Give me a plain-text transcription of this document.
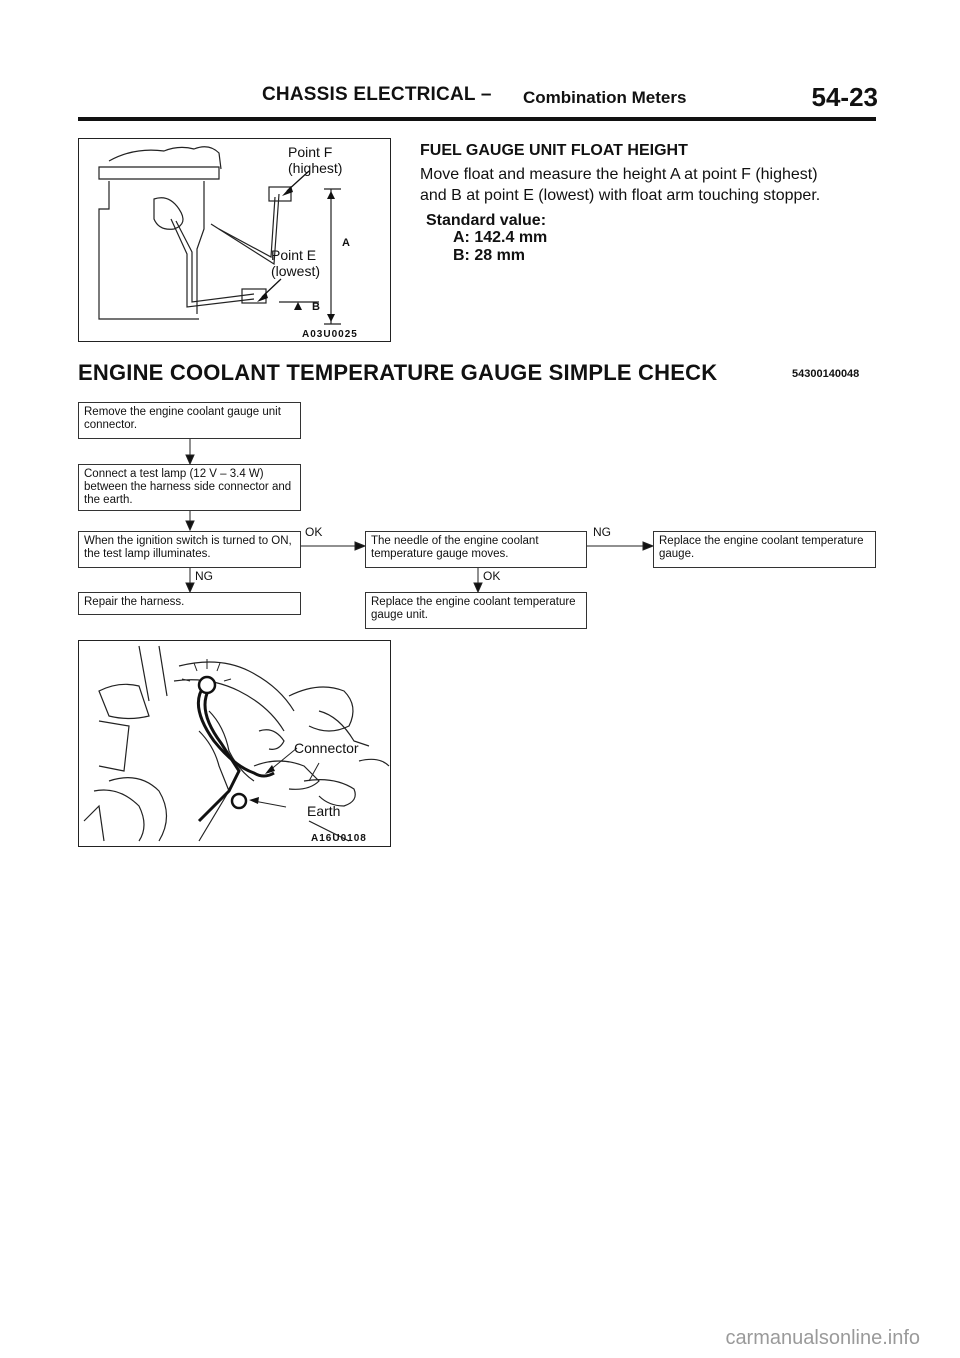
CHASSIS ELECTRICAL – Combination Meters	54-23
Point F
(highest)
Point E
(lowest)
A
B
A03U0025
FUEL GAUGE UNIT FLOAT HEIGHT
Move float and measure the height A at point F (highest)
and B at point E (lowest) with float arm touching stopper.
Standard value:
A: 142.4 mm
B: 28 mm
ENGINE COOLANT TEMPERATURE GAUGE SIMPLE CHECK	54300140048
Remove the engine coolant gauge unit connector.
Connect a test lamp (12 V – 3.4 W) between the harness side connector and the earth.
When the ignition switch is turned to ON, the test lamp illuminates.
The needle of the engine coolant temperature gauge moves.
Replace the engine coolant temperature gauge.
Repair the harness.	Replace the engine coolant temperature gauge unit.
OK	NG
NG	OK
Connector
Earth
A16U0108
carmanualsonline.info
